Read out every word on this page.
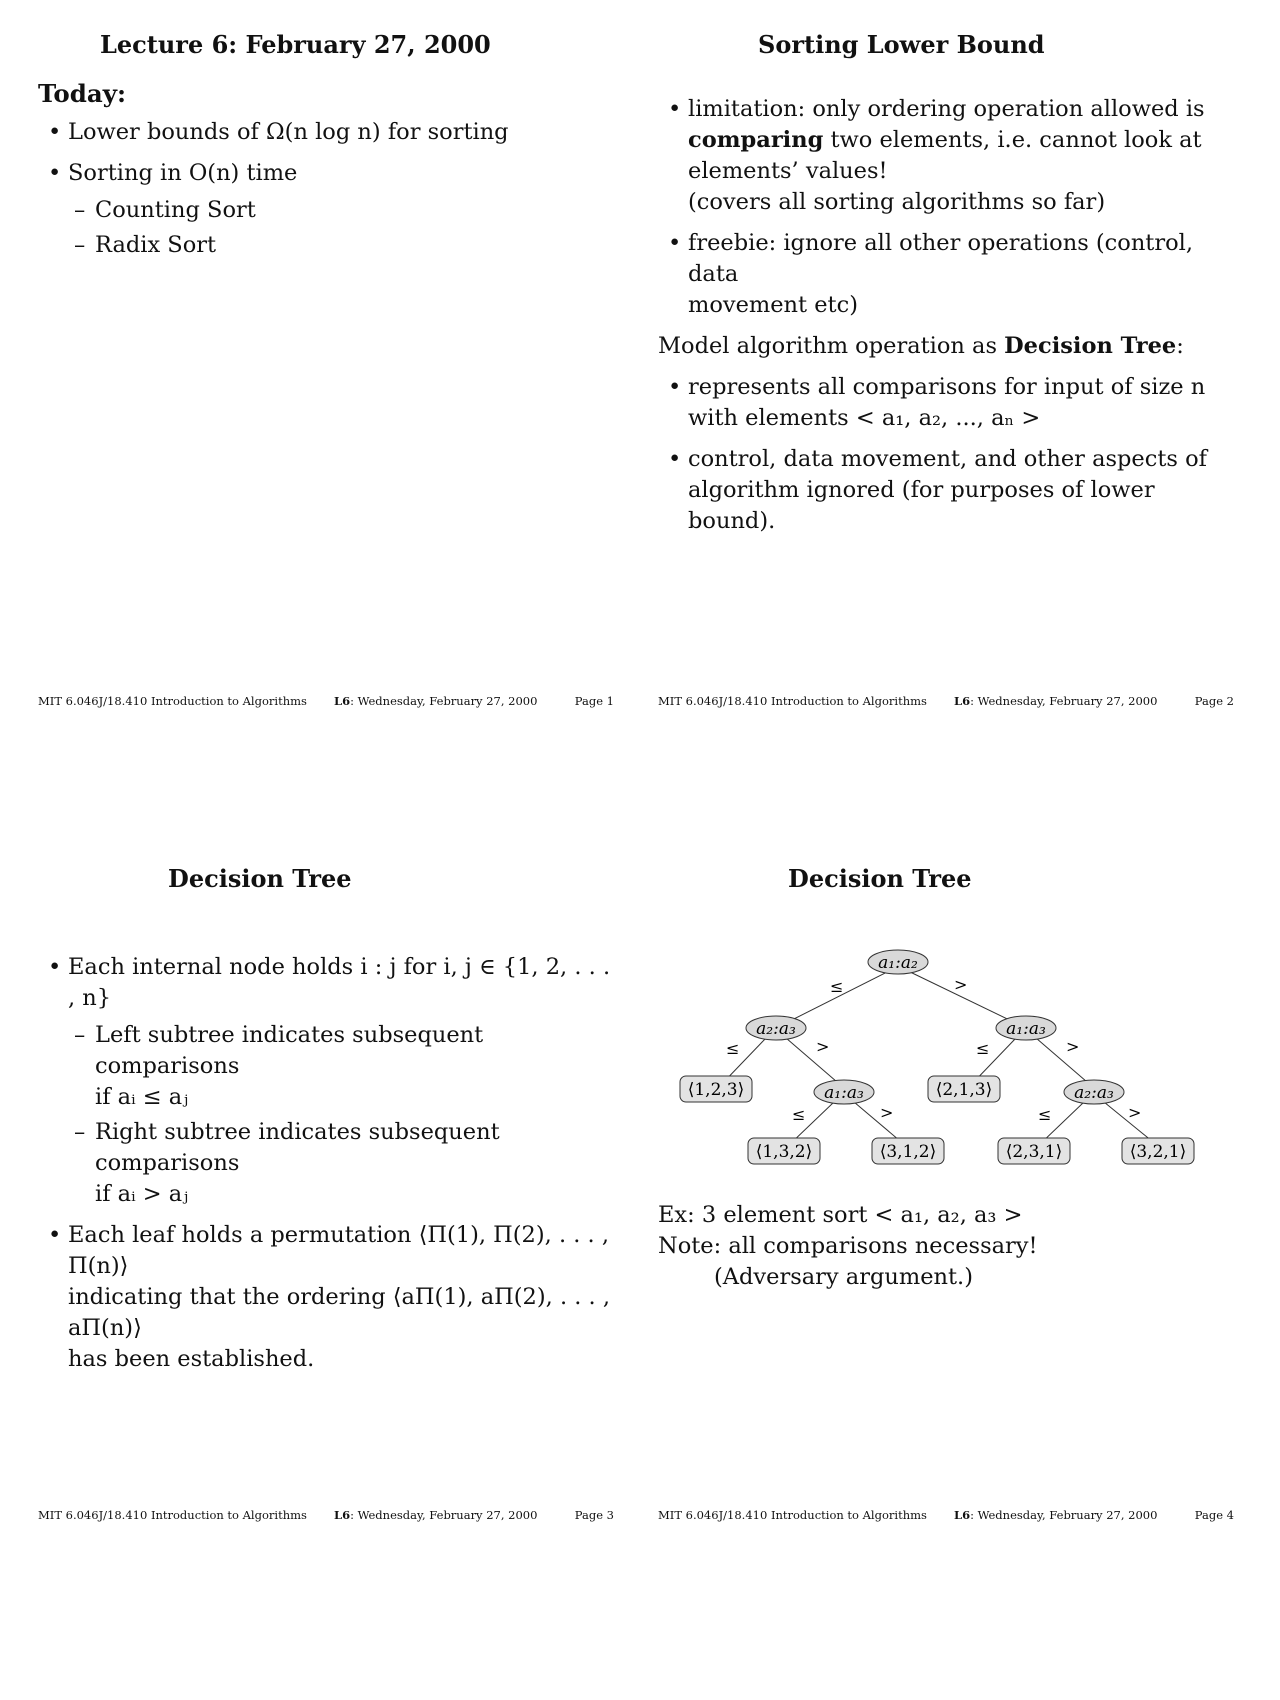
Lecture 6: February 27, 2000
Today:
• Lower bounds of Ω(n log n) for sorting
• Sorting in O(n) time
– Counting Sort
– Radix Sort
MIT 6.046J/18.410 Introduction to Algorithms L6: Wednesday, February 27, 2000	Page 1
Sorting Lower Bound
• limitation: only ordering operation allowed is
comparing two elements, i.e. cannot look at
elements’ values!
(covers all sorting algorithms so far)
• freebie: ignore all other operations (control, data
movement etc)
Model algorithm operation as Decision Tree:
• represents all comparisons for input of size n
with elements < a₁, a₂, ..., aₙ >
• control, data movement, and other aspects of
algorithm ignored (for purposes of lower bound).
MIT 6.046J/18.410 Introduction to Algorithms L6: Wednesday, February 27, 2000	Page 2
Decision Tree
• Each internal node holds i : j for i, j ∈ {1, 2, . . . , n}
– Left subtree indicates subsequent comparisons
if aᵢ ≤ aⱼ
– Right subtree indicates subsequent comparisons
if aᵢ > aⱼ
• Each leaf holds a permutation ⟨Π(1), Π(2), . . . , Π(n)⟩
indicating that the ordering ⟨aΠ(1), aΠ(2), . . . , aΠ(n)⟩
has been established.
MIT 6.046J/18.410 Introduction to Algorithms L6: Wednesday, February 27, 2000	Page 3
Decision Tree
a₁:a₂
a₂:a₃
a₁:a₃
a₁:a₃
a₂:a₃
⟨1,2,3⟩	⟨2,1,3⟩
⟨1,3,2⟩	⟨3,1,2⟩	⟨2,3,1⟩	⟨3,2,1⟩
≤	>
≤	>	≤	>
≤	>	≤	>
Ex: 3 element sort < a₁, a₂, a₃ >
Note: all comparisons necessary!
(Adversary argument.)
MIT 6.046J/18.410 Introduction to Algorithms L6: Wednesday, February 27, 2000	Page 4
